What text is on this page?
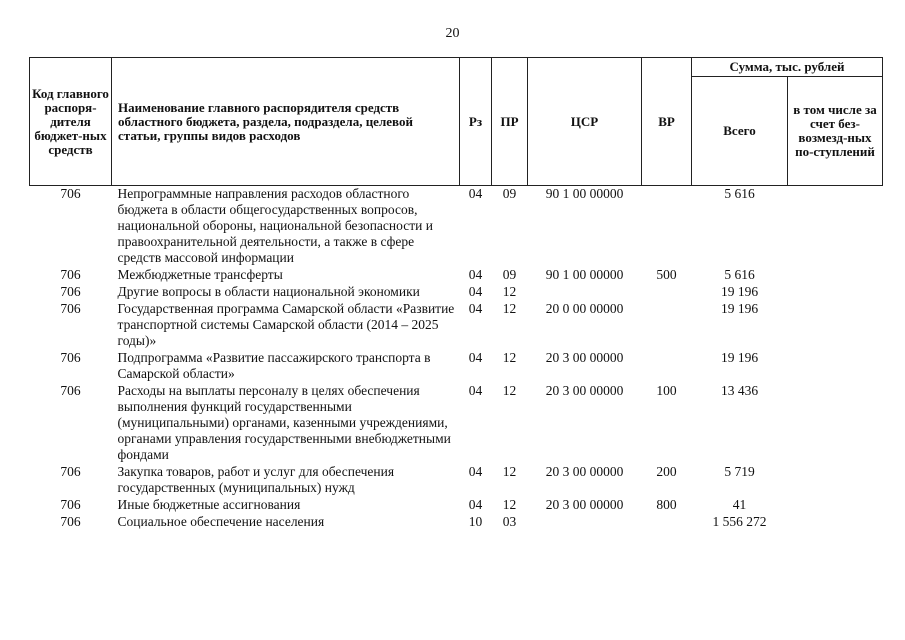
20
Код главного распоря-дителя бюджет-ных средств	Наименование главного распорядителя средств областного бюджета, раздела, подраздела, целевой статьи, группы видов расходов	Рз	ПР	ЦСР	ВР	Сумма, тыс. рублей	
						Всего	в том числе за счет без-возмезд-ных по-ступлений
706	Непрограммные направления расходов областного бюджета в области общегосударственных вопросов, национальной обороны, национальной безопасности и правоохранительной деятельности, а также в сфере средств массовой информации	04	09	90 1 00 00000		5 616	
706	Межбюджетные трансферты	04	09	90 1 00 00000	500	5 616	
706	Другие вопросы в области национальной экономики	04	12			19 196	
706	Государственная программа Самарской области «Развитие транспортной системы Самарской области (2014 – 2025 годы)»	04	12	20 0 00 00000		19 196	
706	Подпрограмма «Развитие пассажирского транспорта в Самарской области»	04	12	20 3 00 00000		19 196	
706	Расходы на выплаты персоналу в целях обеспечения выполнения функций государственными (муниципальными) органами, казенными учреждениями, органами управления государственными внебюджетными фондами	04	12	20 3 00 00000	100	13 436	
706	Закупка товаров, работ и услуг для обеспечения государственных (муниципальных) нужд	04	12	20 3 00 00000	200	5 719	
706	Иные бюджетные ассигнования	04	12	20 3 00 00000	800	41	
706	Социальное обеспечение населения	10	03			1 556 272	
